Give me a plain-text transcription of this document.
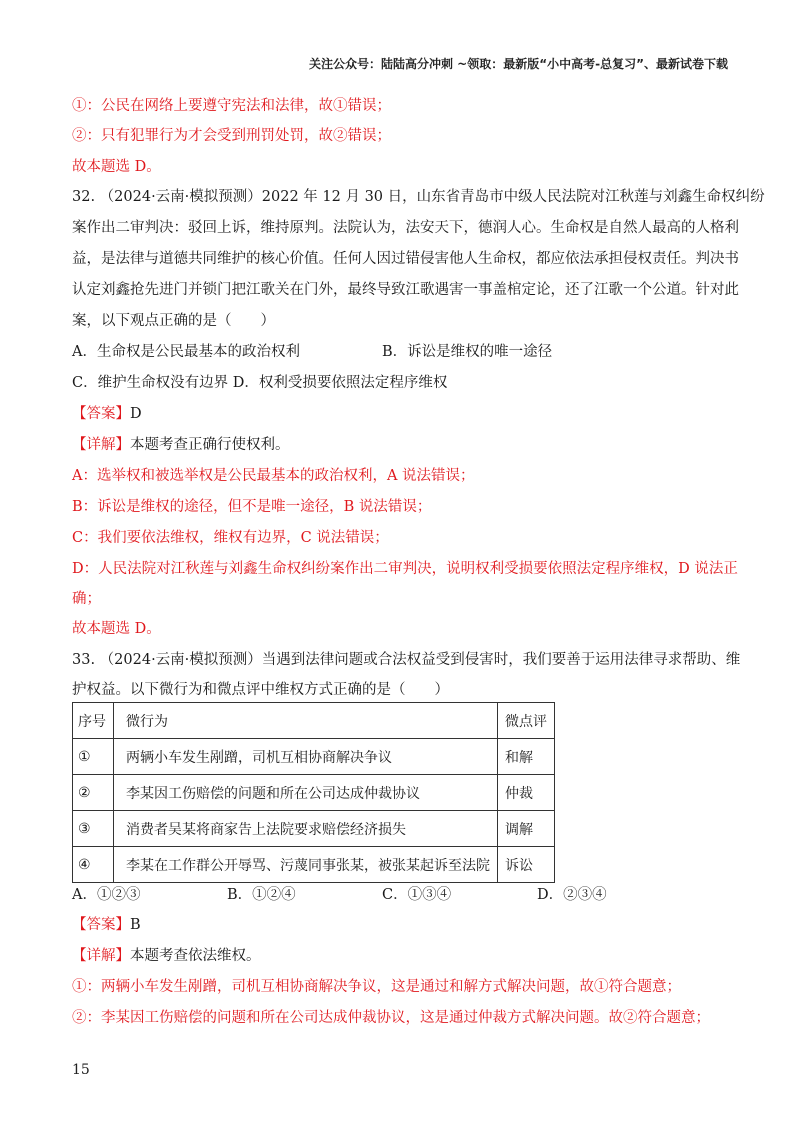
关注公众号：陆陆高分冲刺 ~领取：最新版“小中高考-总复习”、最新试卷下载
①：公民在网络上要遵守宪法和法律，故①错误；
②：只有犯罪行为才会受到刑罚处罚，故②错误；
故本题选 D。
32. （2024·云南·模拟预测）2022 年 12 月 30 日，山东省青岛市中级人民法院对江秋莲与刘鑫生命权纠纷
案作出二审判决：驳回上诉，维持原判。法院认为，法安天下，德润人心。生命权是自然人最高的人格利
益，是法律与道德共同维护的核心价值。任何人因过错侵害他人生命权，都应依法承担侵权责任。判决书
认定刘鑫抢先进门并锁门把江歌关在门外，最终导致江歌遇害一事盖棺定论，还了江歌一个公道。针对此
案，以下观点正确的是（　　）
A．生命权是公民最基本的政治权利	B．诉讼是维权的唯一途径
C．维护生命权没有边界 D．权利受损要依照法定程序维权
【答案】D
【详解】本题考查正确行使权利。
A：选举权和被选举权是公民最基本的政治权利，A 说法错误；
B：诉讼是维权的途径，但不是唯一途径，B 说法错误；
C：我们要依法维权，维权有边界，C 说法错误；
D：人民法院对江秋莲与刘鑫生命权纠纷案作出二审判决，说明权利受损要依照法定程序维权，D 说法正
确；
故本题选 D。
33. （2024·云南·模拟预测）当遇到法律问题或合法权益受到侵害时，我们要善于运用法律寻求帮助、维
护权益。以下微行为和微点评中维权方式正确的是（　　）
序号	微行为	微点评
①	两辆小车发生剐蹭，司机互相协商解决争议	和解
②	李某因工伤赔偿的问题和所在公司达成仲裁协议	仲裁
③	消费者吴某将商家告上法院要求赔偿经济损失	调解
④	李某在工作群公开辱骂、污蔑同事张某，被张某起诉至法院	诉讼
A．①②③	B．①②④	C．①③④	D．②③④
【答案】B
【详解】本题考查依法维权。
①：两辆小车发生剐蹭，司机互相协商解决争议，这是通过和解方式解决问题，故①符合题意；
②：李某因工伤赔偿的问题和所在公司达成仲裁协议，这是通过仲裁方式解决问题。故②符合题意；
15
